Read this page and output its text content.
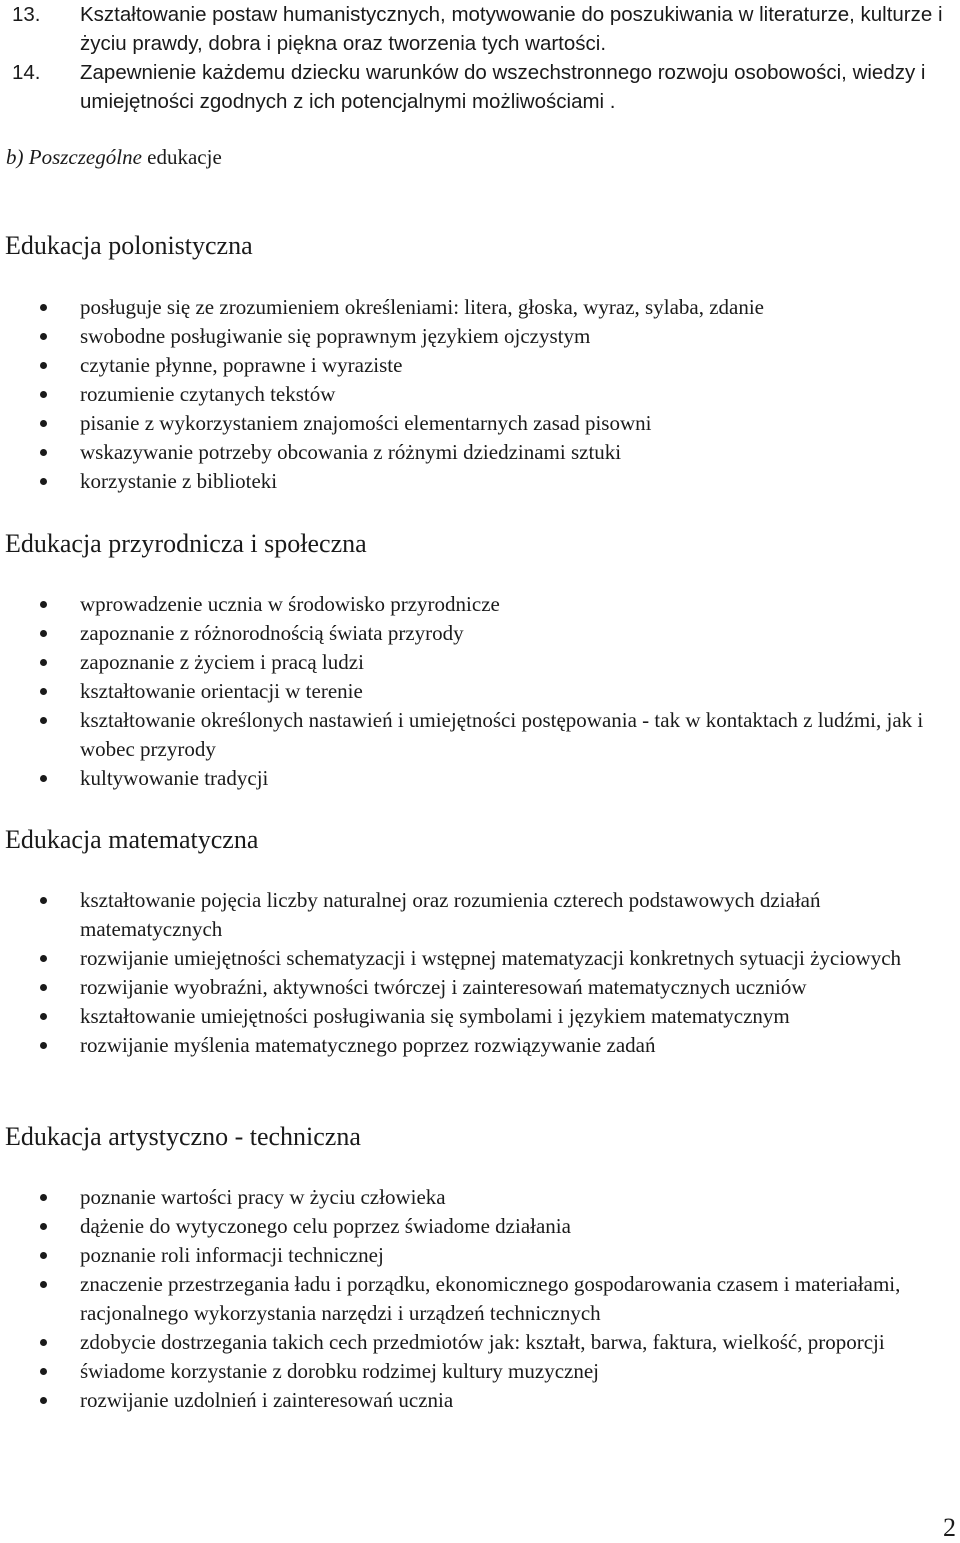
13.	Kształtowanie postaw humanistycznych, motywowanie do poszukiwania w literaturze, kulturze i życiu prawdy, dobra i piękna oraz tworzenia tych wartości.
14.	Zapewnienie każdemu dziecku warunków do wszechstronnego rozwoju osobowości, wiedzy i umiejętności zgodnych z ich potencjalnymi możliwościami .
b) Poszczególne edukacje
Edukacja polonistyczna
posługuje się ze zrozumieniem określeniami: litera, głoska, wyraz, sylaba, zdanie
swobodne posługiwanie się poprawnym językiem ojczystym
czytanie płynne, poprawne i wyraziste
rozumienie czytanych tekstów
pisanie z wykorzystaniem znajomości elementarnych zasad pisowni
wskazywanie potrzeby obcowania z różnymi dziedzinami sztuki
korzystanie z biblioteki
Edukacja przyrodnicza i społeczna
wprowadzenie ucznia w środowisko przyrodnicze
zapoznanie z różnorodnością świata przyrody
zapoznanie z życiem i pracą ludzi
kształtowanie orientacji w terenie
kształtowanie określonych nastawień i umiejętności postępowania - tak w kontaktach z ludźmi, jak i wobec przyrody
kultywowanie tradycji
Edukacja matematyczna
kształtowanie pojęcia liczby naturalnej oraz rozumienia czterech podstawowych działań matematycznych
rozwijanie umiejętności schematyzacji i wstępnej matematyzacji konkretnych sytuacji życiowych
rozwijanie wyobraźni, aktywności twórczej i zainteresowań matematycznych uczniów
kształtowanie umiejętności posługiwania się symbolami i językiem matematycznym
rozwijanie myślenia matematycznego poprzez rozwiązywanie zadań
Edukacja artystyczno - techniczna
poznanie wartości pracy w życiu człowieka
dążenie do wytyczonego celu poprzez świadome działania
poznanie roli informacji technicznej
znaczenie przestrzegania ładu i porządku, ekonomicznego gospodarowania czasem i materiałami, racjonalnego wykorzystania narzędzi i urządzeń technicznych
zdobycie dostrzegania takich cech przedmiotów jak: kształt, barwa, faktura, wielkość, proporcji
świadome korzystanie z dorobku rodzimej kultury muzycznej
rozwijanie uzdolnień i zainteresowań ucznia
2
